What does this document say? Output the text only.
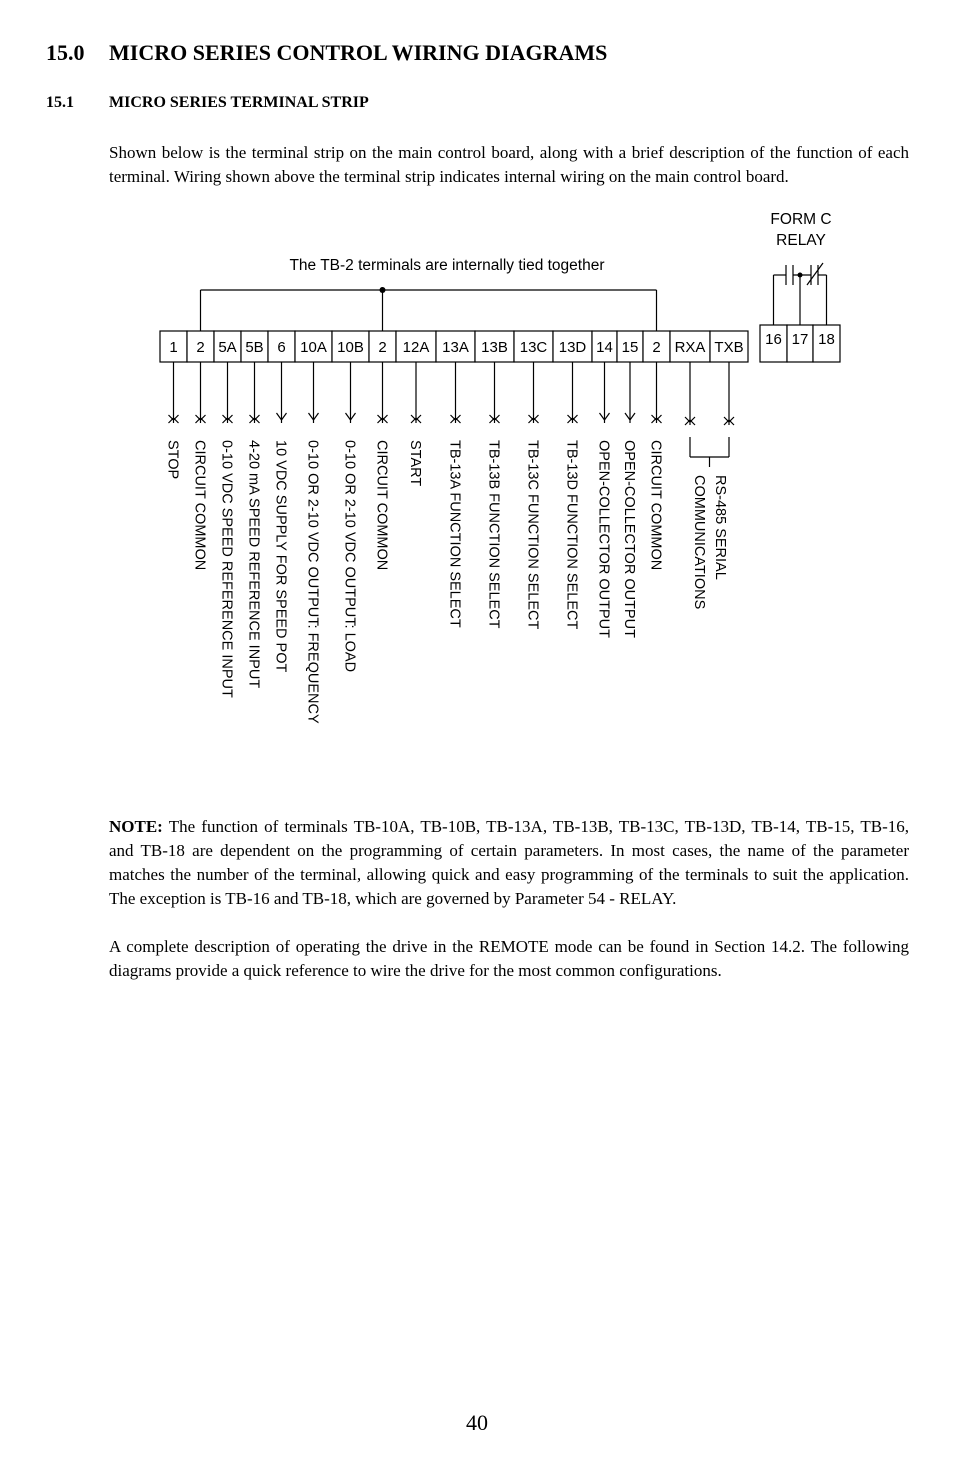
15.0 MICRO SERIES CONTROL WIRING DIAGRAMS
15.1 MICRO SERIES TERMINAL STRIP
Shown below is the terminal strip on the main control board, along with a brief description of the function of each terminal. Wiring shown above the terminal strip indicates internal wiring on the main control board.
The TB-2 terminals are internally tied together
FORM C
RELAY
1 2 5A 5B 6 10A 10B 2 12A 13A 13B 13C 13D 14 15 2 RXA TXB 16 17 18
STOP CIRCUIT COMMON 0-10 VDC SPEED REFERENCE INPUT 4-20 mA SPEED REFERENCE INPUT 10 VDC SUPPLY FOR SPEED POT 0-10 OR 2-10 VDC OUTPUT: FREQUENCY 0-10 OR 2-10 VDC OUTPUT: LOAD CIRCUIT COMMON START TB-13A FUNCTION SELECT TB-13B FUNCTION SELECT TB-13C FUNCTION SELECT TB-13D FUNCTION SELECT OPEN-COLLECTOR OUTPUT OPEN-COLLECTOR OUTPUT CIRCUIT COMMON	RS-485 SERIAL
COMMUNICATIONS
NOTE: The function of terminals TB-10A, TB-10B, TB-13A, TB-13B, TB-13C, TB-13D, TB-14, TB-15, TB-16, and TB-18 are dependent on the programming of certain parameters. In most cases, the name of the parameter matches the number of the terminal, allowing quick and easy programming of the terminals to suit the application. The exception is TB-16 and TB-18, which are governed by Parameter 54 - RELAY.
A complete description of operating the drive in the REMOTE mode can be found in Section 14.2. The following diagrams provide a quick reference to wire the drive for the most common configurations.
40
